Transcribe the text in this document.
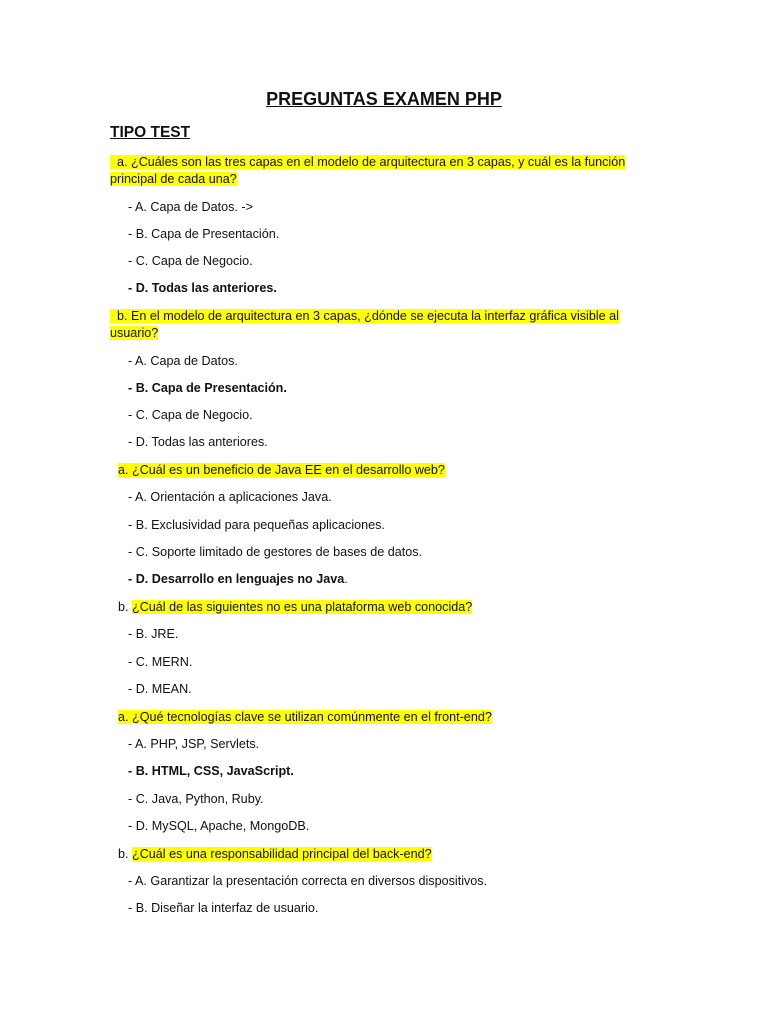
PREGUNTAS EXAMEN PHP
TIPO TEST
a. ¿Cuáles son las tres capas en el modelo de arquitectura en 3 capas, y cuál es la función
principal de cada una?
- A. Capa de Datos. ->
- B. Capa de Presentación.
- C. Capa de Negocio.
- D. Todas las anteriores.
b. En el modelo de arquitectura en 3 capas, ¿dónde se ejecuta la interfaz gráfica visible al
usuario?
- A. Capa de Datos.
- B. Capa de Presentación.
- C. Capa de Negocio.
- D. Todas las anteriores.
a. ¿Cuál es un beneficio de Java EE en el desarrollo web?
- A. Orientación a aplicaciones Java.
- B. Exclusividad para pequeñas aplicaciones.
- C. Soporte limitado de gestores de bases de datos.
- D. Desarrollo en lenguajes no Java.
b. ¿Cuál de las siguientes no es una plataforma web conocida?
- B. JRE.
- C. MERN.
- D. MEAN.
a. ¿Qué tecnologías clave se utilizan comúnmente en el front-end?
- A. PHP, JSP, Servlets.
- B. HTML, CSS, JavaScript.
- C. Java, Python, Ruby.
- D. MySQL, Apache, MongoDB.
b. ¿Cuál es una responsabilidad principal del back-end?
- A. Garantizar la presentación correcta en diversos dispositivos.
- B. Diseñar la interfaz de usuario.
